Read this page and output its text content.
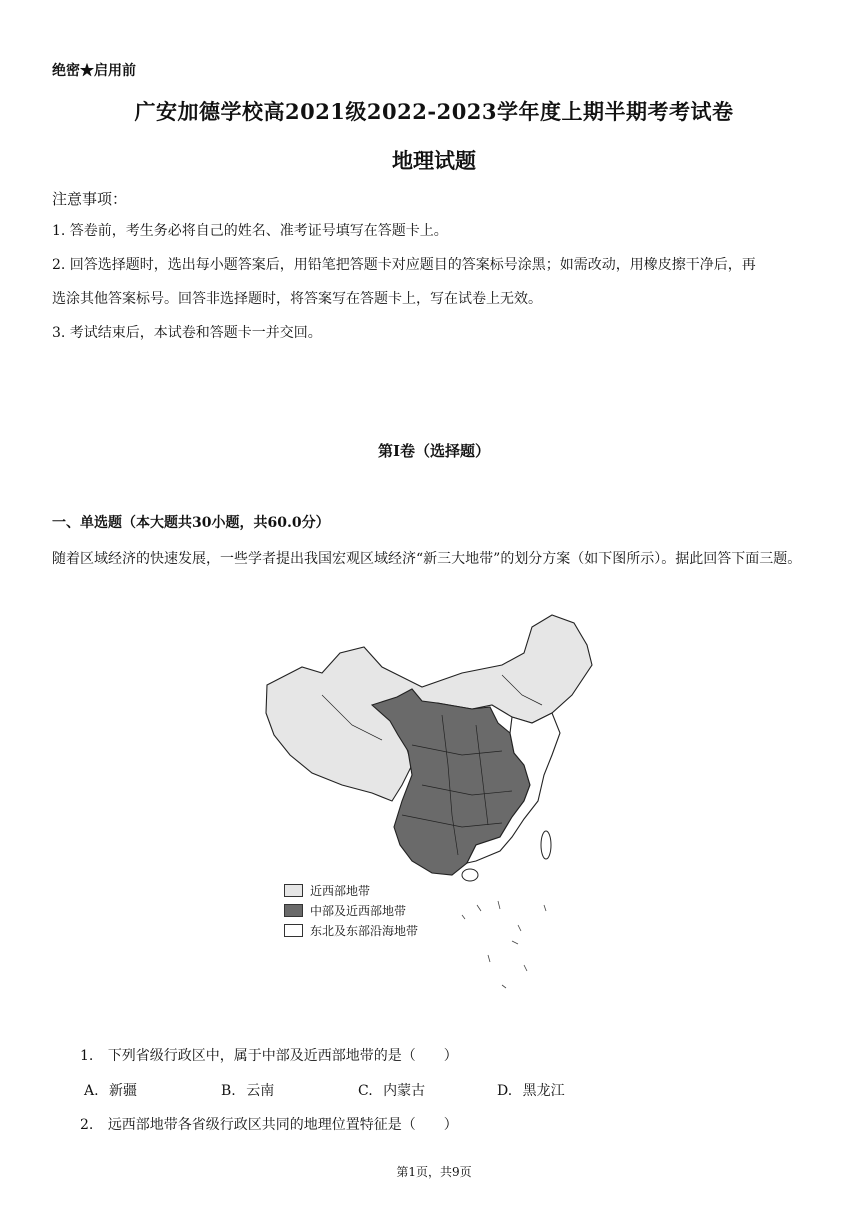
绝密★启用前
广安加德学校高2021级2022-2023学年度上期半期考考试卷
地理试题
注意事项：
1. 答卷前，考生务必将自己的姓名、准考证号填写在答题卡上。
2. 回答选择题时，选出每小题答案后，用铅笔把答题卡对应题目的答案标号涂黑；如需改动，用橡皮擦干净后，再
选涂其他答案标号。回答非选择题时，将答案写在答题卡上，写在试卷上无效。
3. 考试结束后，本试卷和答题卡一并交回。
第Ⅰ卷（选择题）
一、单选题（本大题共30小题，共60.0分）
随着区域经济的快速发展，一些学者提出我国宏观区域经济“新三大地带”的划分方案（如下图所示）。据此回答下面三题。
近西部地带
中部及近西部地带
东北及东部沿海地带
1. 下列省级行政区中，属于中部及近西部地带的是（　　）
A. 新疆	B. 云南	C. 内蒙古	D. 黑龙江
2. 远西部地带各省级行政区共同的地理位置特征是（　　）
第1页，共9页
